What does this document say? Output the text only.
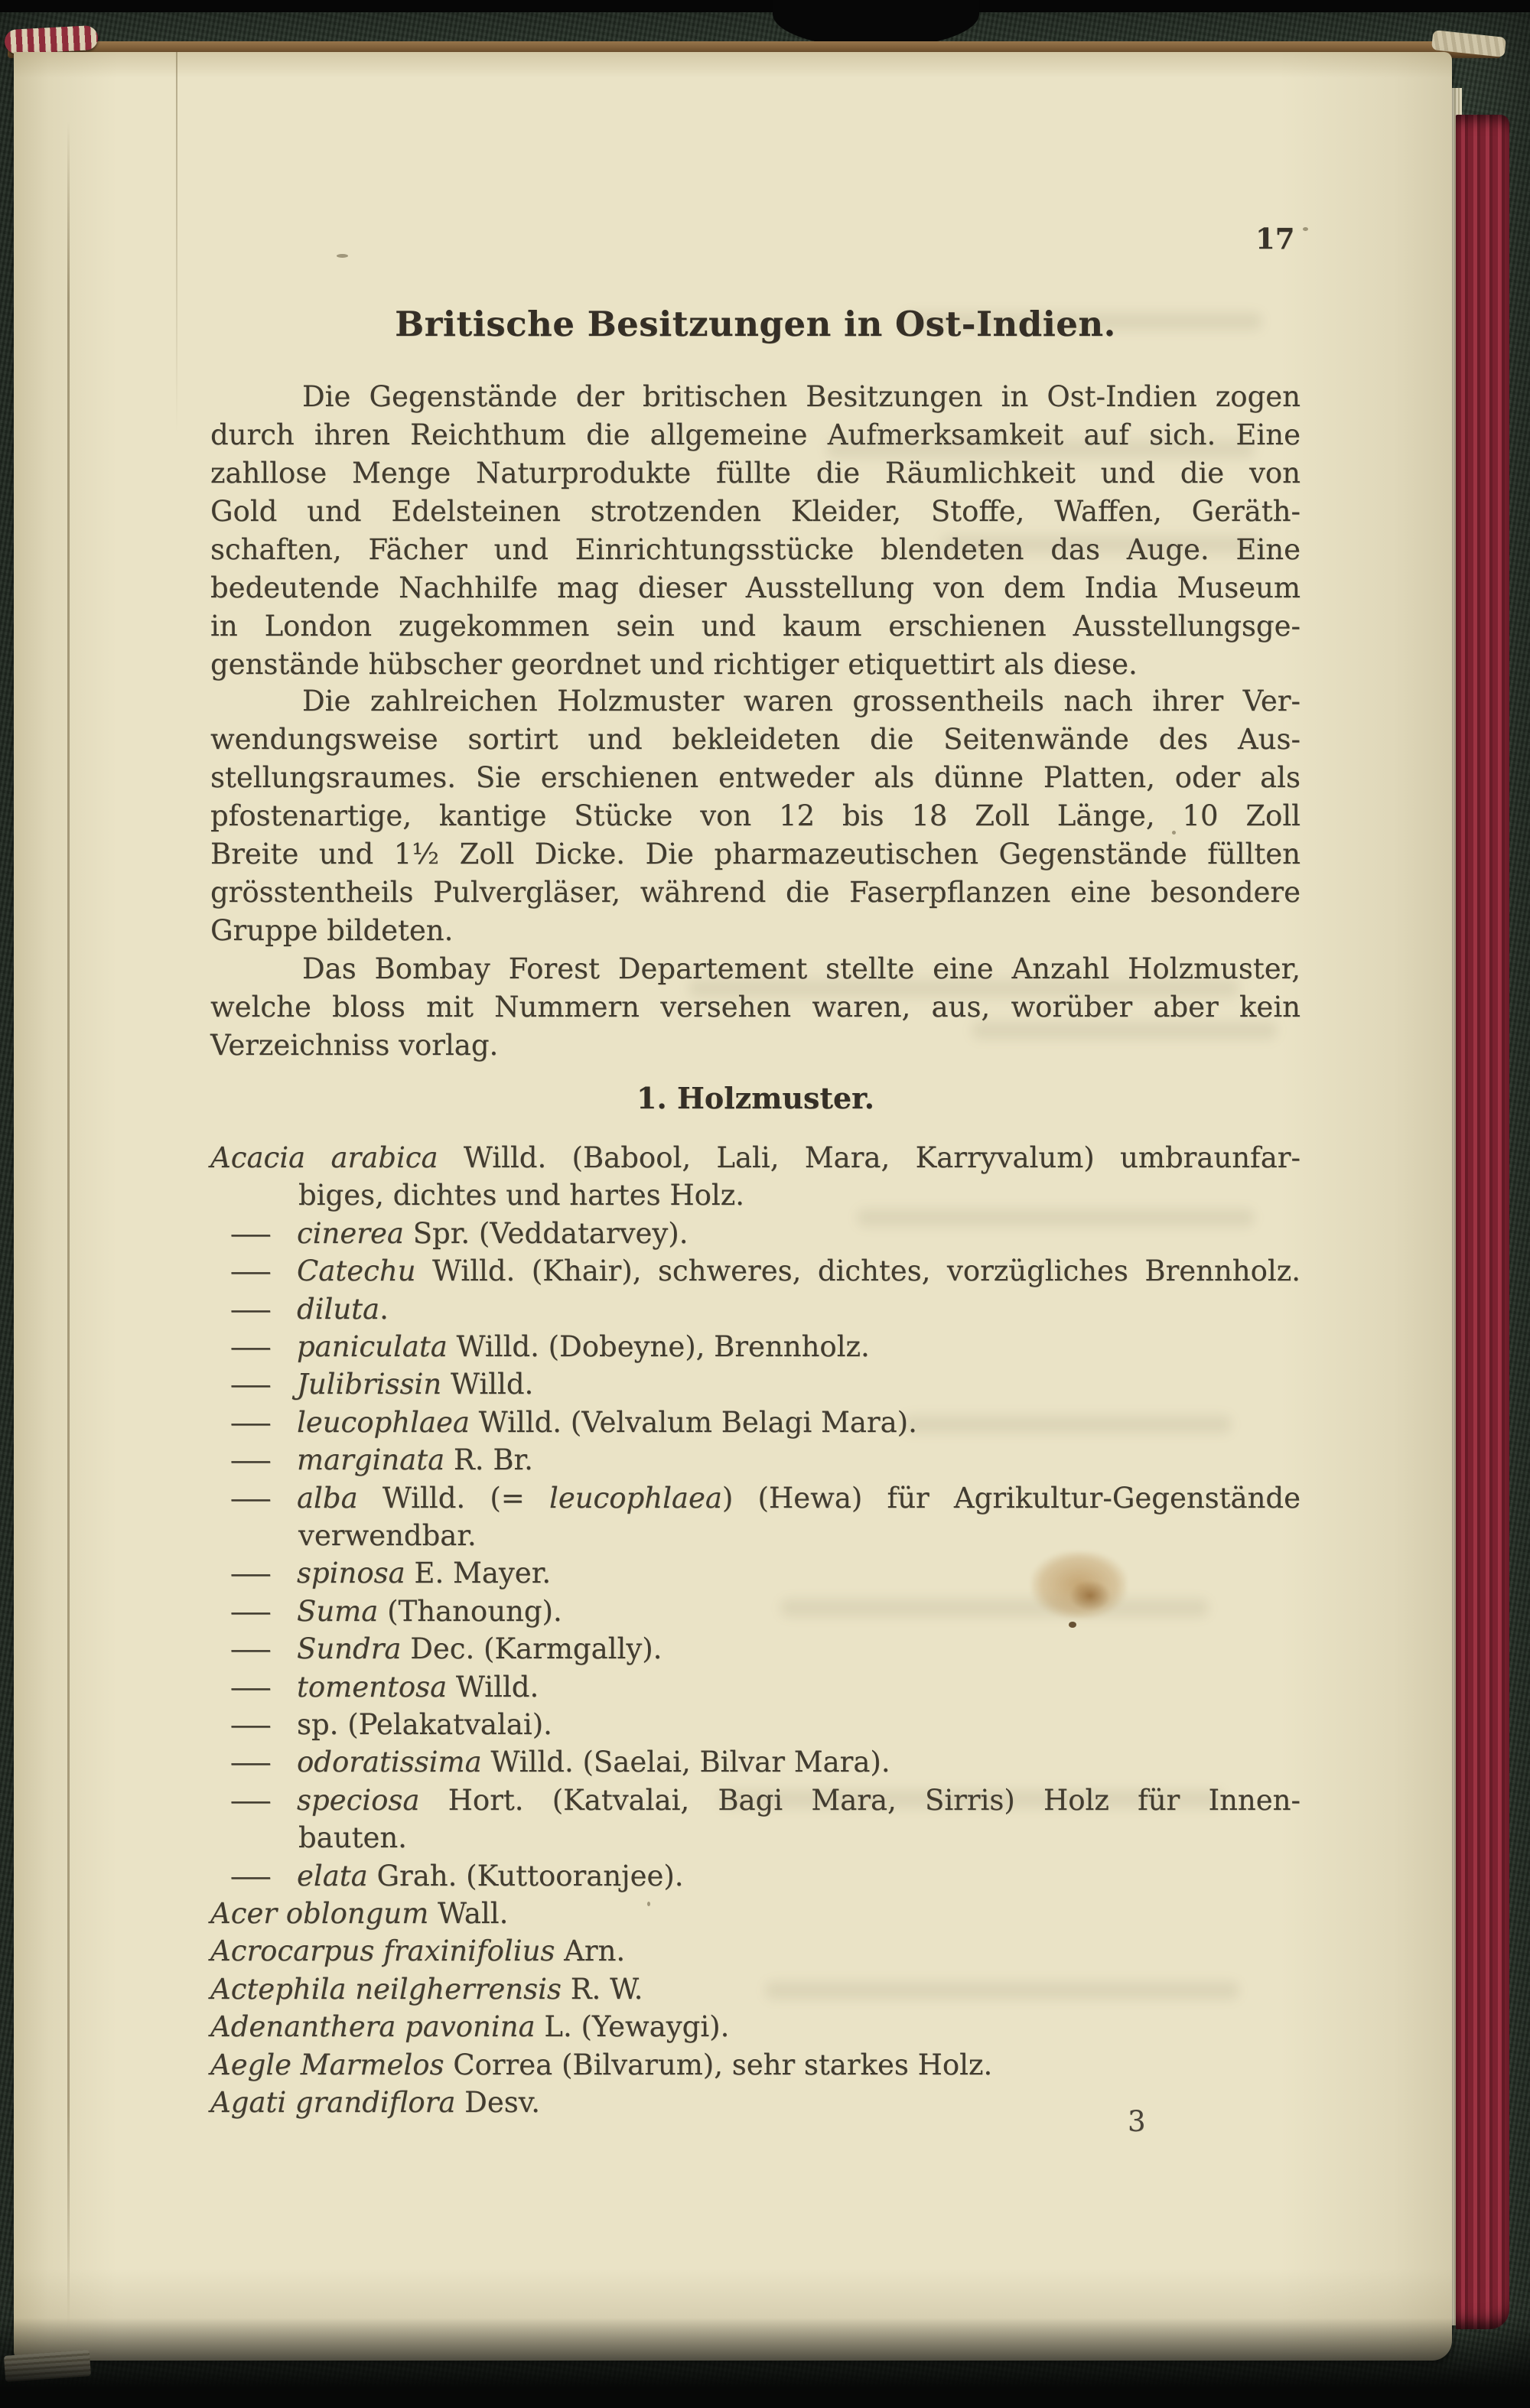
17
Britische Besitzungen in Ost-Indien.
Die Gegenstände der britischen Besitzungen in Ost-Indien zogen
durch ihren Reichthum die allgemeine Aufmerksamkeit auf sich. Eine
zahllose Menge Naturprodukte füllte die Räumlichkeit und die von
Gold und Edelsteinen strotzenden Kleider, Stoffe, Waffen, Geräth-
schaften, Fächer und Einrichtungsstücke blendeten das Auge. Eine
bedeutende Nachhilfe mag dieser Ausstellung von dem India Museum
in London zugekommen sein und kaum erschienen Ausstellungsge-
genstände hübscher geordnet und richtiger etiquettirt als diese.
Die zahlreichen Holzmuster waren grossentheils nach ihrer Ver-
wendungsweise sortirt und bekleideten die Seitenwände des Aus-
stellungsraumes. Sie erschienen entweder als dünne Platten, oder als
pfostenartige, kantige Stücke von 12 bis 18 Zoll Länge, 10 Zoll
Breite und 1½ Zoll Dicke. Die pharmazeutischen Gegenstände füllten
grösstentheils Pulvergläser, während die Faserpflanzen eine besondere
Gruppe bildeten.
Das Bombay Forest Departement stellte eine Anzahl Holzmuster,
welche bloss mit Nummern versehen waren, aus, worüber aber kein
Verzeichniss vorlag.
1. Holzmuster.
Acacia arabica Willd. (Babool, Lali, Mara, Karryvalum) umbraunfar-
biges, dichtes und hartes Holz.
— cinerea Spr. (Veddatarvey).
— Catechu Willd. (Khair), schweres, dichtes, vorzügliches Brennholz.
— diluta.
— paniculata Willd. (Dobeyne), Brennholz.
— Julibrissin Willd.
— leucophlaea Willd. (Velvalum Belagi Mara).
— marginata R. Br.
— alba Willd. (= leucophlaea) (Hewa) für Agrikultur-Gegenstände
verwendbar.
— spinosa E. Mayer.
— Suma (Thanoung).
— Sundra Dec. (Karmgally).
— tomentosa Willd.
— sp. (Pelakatvalai).
— odoratissima Willd. (Saelai, Bilvar Mara).
— speciosa Hort. (Katvalai, Bagi Mara, Sirris) Holz für Innen-
bauten.
— elata Grah. (Kuttooranjee).
Acer oblongum Wall.
Acrocarpus fraxinifolius Arn.
Actephila neilgherrensis R. W.
Adenanthera pavonina L. (Yewaygi).
Aegle Marmelos Correa (Bilvarum), sehr starkes Holz.
Agati grandiflora Desv.
3
